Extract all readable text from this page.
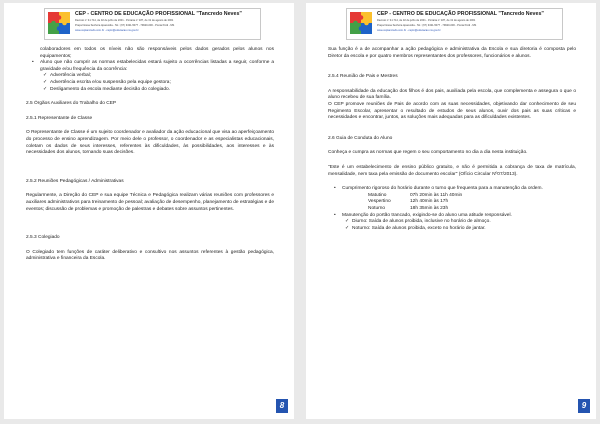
CEP - CENTRO DE EDUCAÇÃO PROFISSIONAL "Tancredo Neves"
Decreto nº 41.714, de 02 de julho de 2001 - Portaria nº 187, de 31 de agosto de 2001
Praça Nossa Senhora Aparecida - Tel.: (67) 3431-5077 - 79920-000 - Ponta Porã - MS
www.ceptancredo.com.br - ceptn@educacao.ms.gov.br

colaboradores em todos os níveis não são responsáveis pelos dados gerados pelos alunos nos equipamentos;

• Aluno que não cumprir as normas estabelecidas estará sujeito a ocorrências listadas a seguir, conforme a gravidade e/ou frequência da ocorrência:

✓ Advertência verbal;

✓ Advertência escrita e/ou suspensão pela equipe gestora;

✓ Desligamento da escola mediante decisão do colegiado.

2.5 Órgãos Auxiliares do Trabalho do CEP

2.5.1 Representante de Classe

O Representante de Classe é um sujeito coordenador e avaliador da ação educacional que visa ao aperfeiçoamento do processo de ensino aprendizagem. Por meio dele o professor, o coordenador e as especialistas educacionais, coletam os dados de seus interesses, referentes às dificuldades, às possibilidades, aos interesses e às necessidades dos alunos, tornando suas decisões.

2.5.2 Reuniões Pedagógicas / Administrativas

Regularmente, a Direção do CEP e sua equipe Técnica e Pedagógica realizam várias reuniões com professores e auxiliares administrativos para treinamento de pessoal; avaliação de desempenho, planejamento de estratégias e de eventos; discussão de problemas e promoção de palestras e debates sobre assuntos pertinentes.

2.5.3 Colegiado

O Colegiado tem funções de caráter deliberativo e consultivo nos assuntos referentes à gestão pedagógica, administrativa e financeira da Escola.

8
CEP - CENTRO DE EDUCAÇÃO PROFISSIONAL "Tancredo Neves"
Decreto nº 41.714, de 02 de julho de 2001 - Portaria nº 187, de 31 de agosto de 2001
Praça Nossa Senhora Aparecida - Tel.: (67) 3431-5077 - 79920-000 - Ponta Porã - MS
www.ceptancredo.com.br - ceptn@educacao.ms.gov.br

Sua função é a de acompanhar a ação pedagógica e administrativa da Escola e sua diretoria é composta pelo Diretor da escola e por quatro membros representantes dos professores, funcionários e alunos.

2.5.4 Reunião de Pais e Mestres

A responsabilidade da educação dos filhos é dos pais, auxiliada pela escola, que complementa e assegura o que o aluno recebeu de sua família.

O CEP promove reuniões de Pais de acordo com as suas necessidades, objetivando dar conhecimento de seu Regimento Escolar, apresentar o resultado de estudos de seus alunos, ouvir dos pais as suas críticas e necessidades e encontrar, juntos, as soluções mais adequadas para as dificuldades existentes.

2.6 Guia de Conduta do Aluno

Conheça e cumpra as normas que regem o seu comportamento no dia a dia nesta instituição.

"Este é um estabelecimento de ensino público gratuito, e não é permitida a cobrança de taxa de matrícula, mensalidade, nem taxa pela emissão de documento escolar" (Ofício Circular Nº07/2013).

• Cumprimento rigoroso do horário durante o turno que frequenta para a manutenção da ordem.

Matutino	07h 20min às 11h 40min

Vespertino	12h 40min às 17h

Noturno	18h 35min às 23h

• Manutenção do portão trancado, exigindo-se do aluno uma atitude responsável.

✓ Diurno: Saída de alunos proibida, inclusive no horário de almoço.

✓ Noturno: Saída de alunos proibida, exceto no horário de jantar.

9
